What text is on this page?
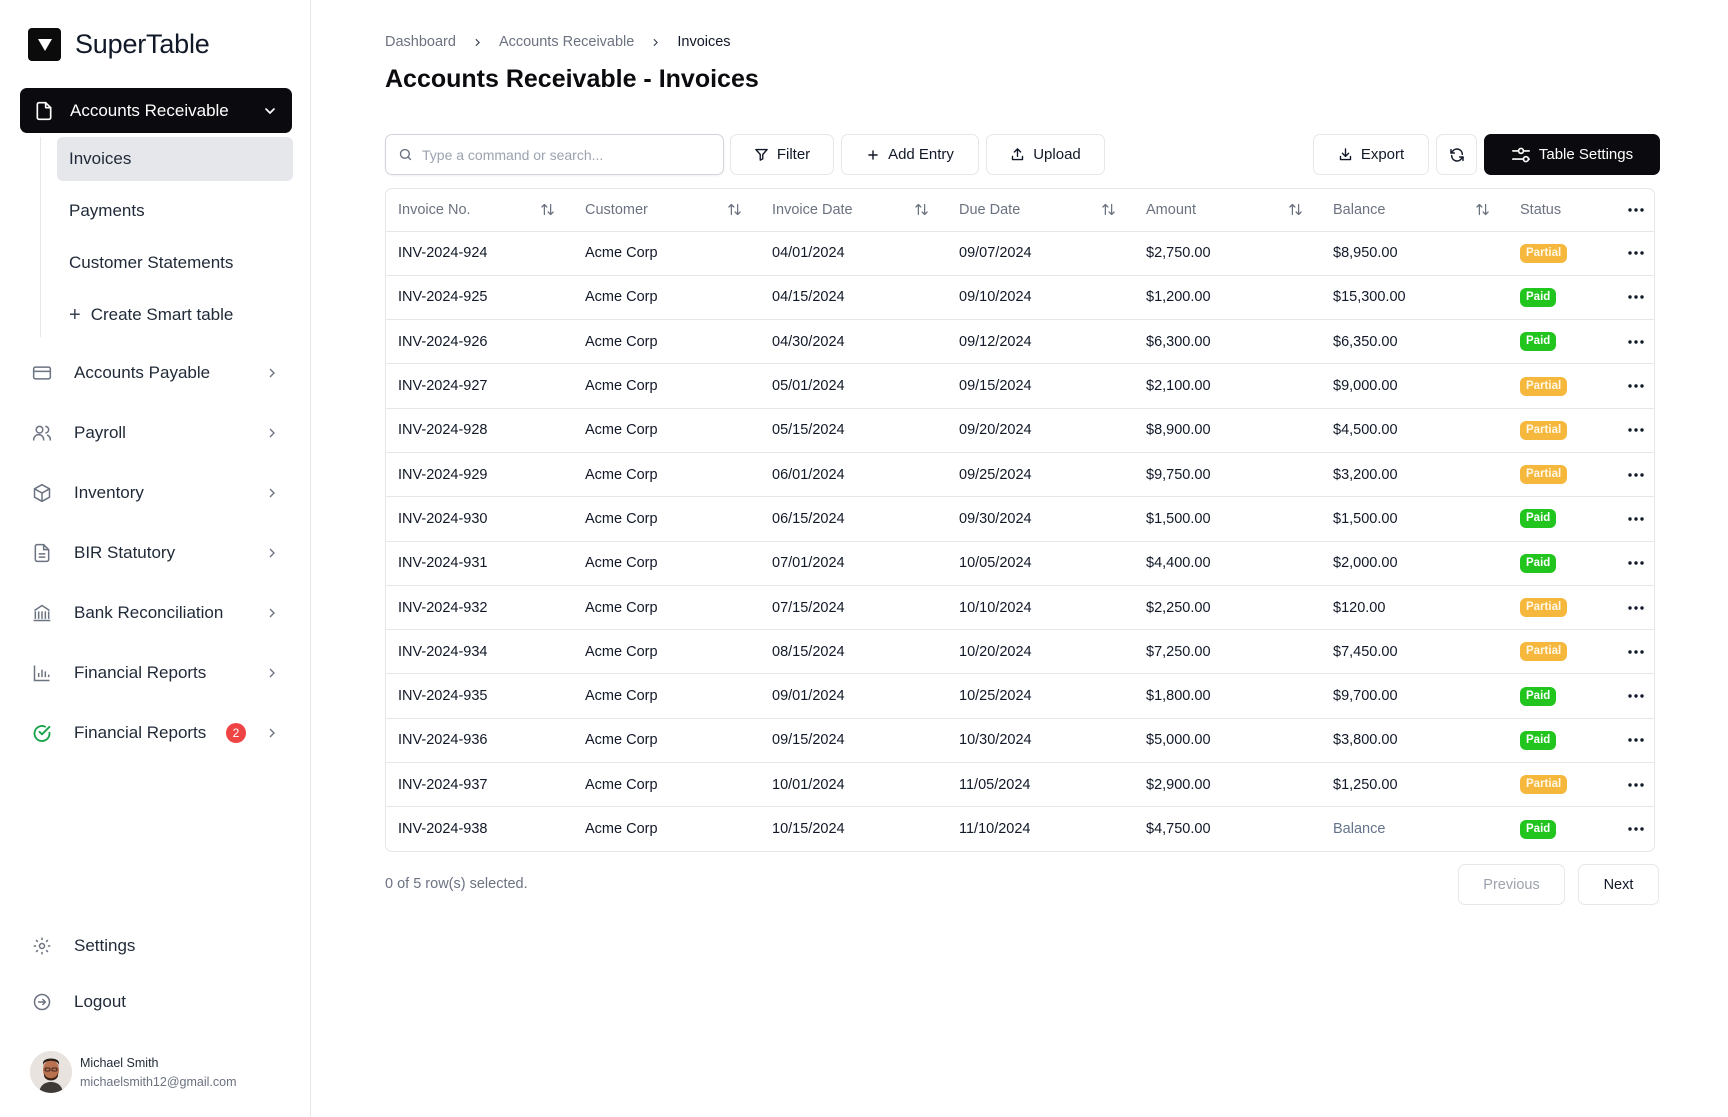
SuperTable
Accounts Receivable
Invoices
Payments
Customer Statements
+ Create Smart table
Accounts Payable
Payroll
Inventory
BIR Statutory
Bank Reconciliation
Financial Reports
Financial Reports	2
Settings
Logout
Michael Smith
michaelsmith12@gmail.com
Dashboard	Accounts Receivable	Invoices
Accounts Receivable - Invoices
Type a command or search...
Filter	Add Entry	Upload	Export	Table Settings
Invoice No.	Customer	Invoice Date	Due Date	Amount	Balance	Status	

INV-2024-924	Acme Corp	04/01/2024	09/07/2024	$2,750.00	$8,950.00	Partial	

INV-2024-925	Acme Corp	04/15/2024	09/10/2024	$1,200.00	$15,300.00	Paid	

INV-2024-926	Acme Corp	04/30/2024	09/12/2024	$6,300.00	$6,350.00	Paid	

INV-2024-927	Acme Corp	05/01/2024	09/15/2024	$2,100.00	$9,000.00	Partial	

INV-2024-928	Acme Corp	05/15/2024	09/20/2024	$8,900.00	$4,500.00	Partial	

INV-2024-929	Acme Corp	06/01/2024	09/25/2024	$9,750.00	$3,200.00	Partial	

INV-2024-930	Acme Corp	06/15/2024	09/30/2024	$1,500.00	$1,500.00	Paid	

INV-2024-931	Acme Corp	07/01/2024	10/05/2024	$4,400.00	$2,000.00	Paid	

INV-2024-932	Acme Corp	07/15/2024	10/10/2024	$2,250.00	$120.00	Partial	

INV-2024-934	Acme Corp	08/15/2024	10/20/2024	$7,250.00	$7,450.00	Partial	

INV-2024-935	Acme Corp	09/01/2024	10/25/2024	$1,800.00	$9,700.00	Paid	

INV-2024-936	Acme Corp	09/15/2024	10/30/2024	$5,000.00	$3,800.00	Paid	

INV-2024-937	Acme Corp	10/01/2024	11/05/2024	$2,900.00	$1,250.00	Partial	

INV-2024-938	Acme Corp	10/15/2024	11/10/2024	$4,750.00	Balance	Paid	
0 of 5 row(s) selected.	Previous	Next
